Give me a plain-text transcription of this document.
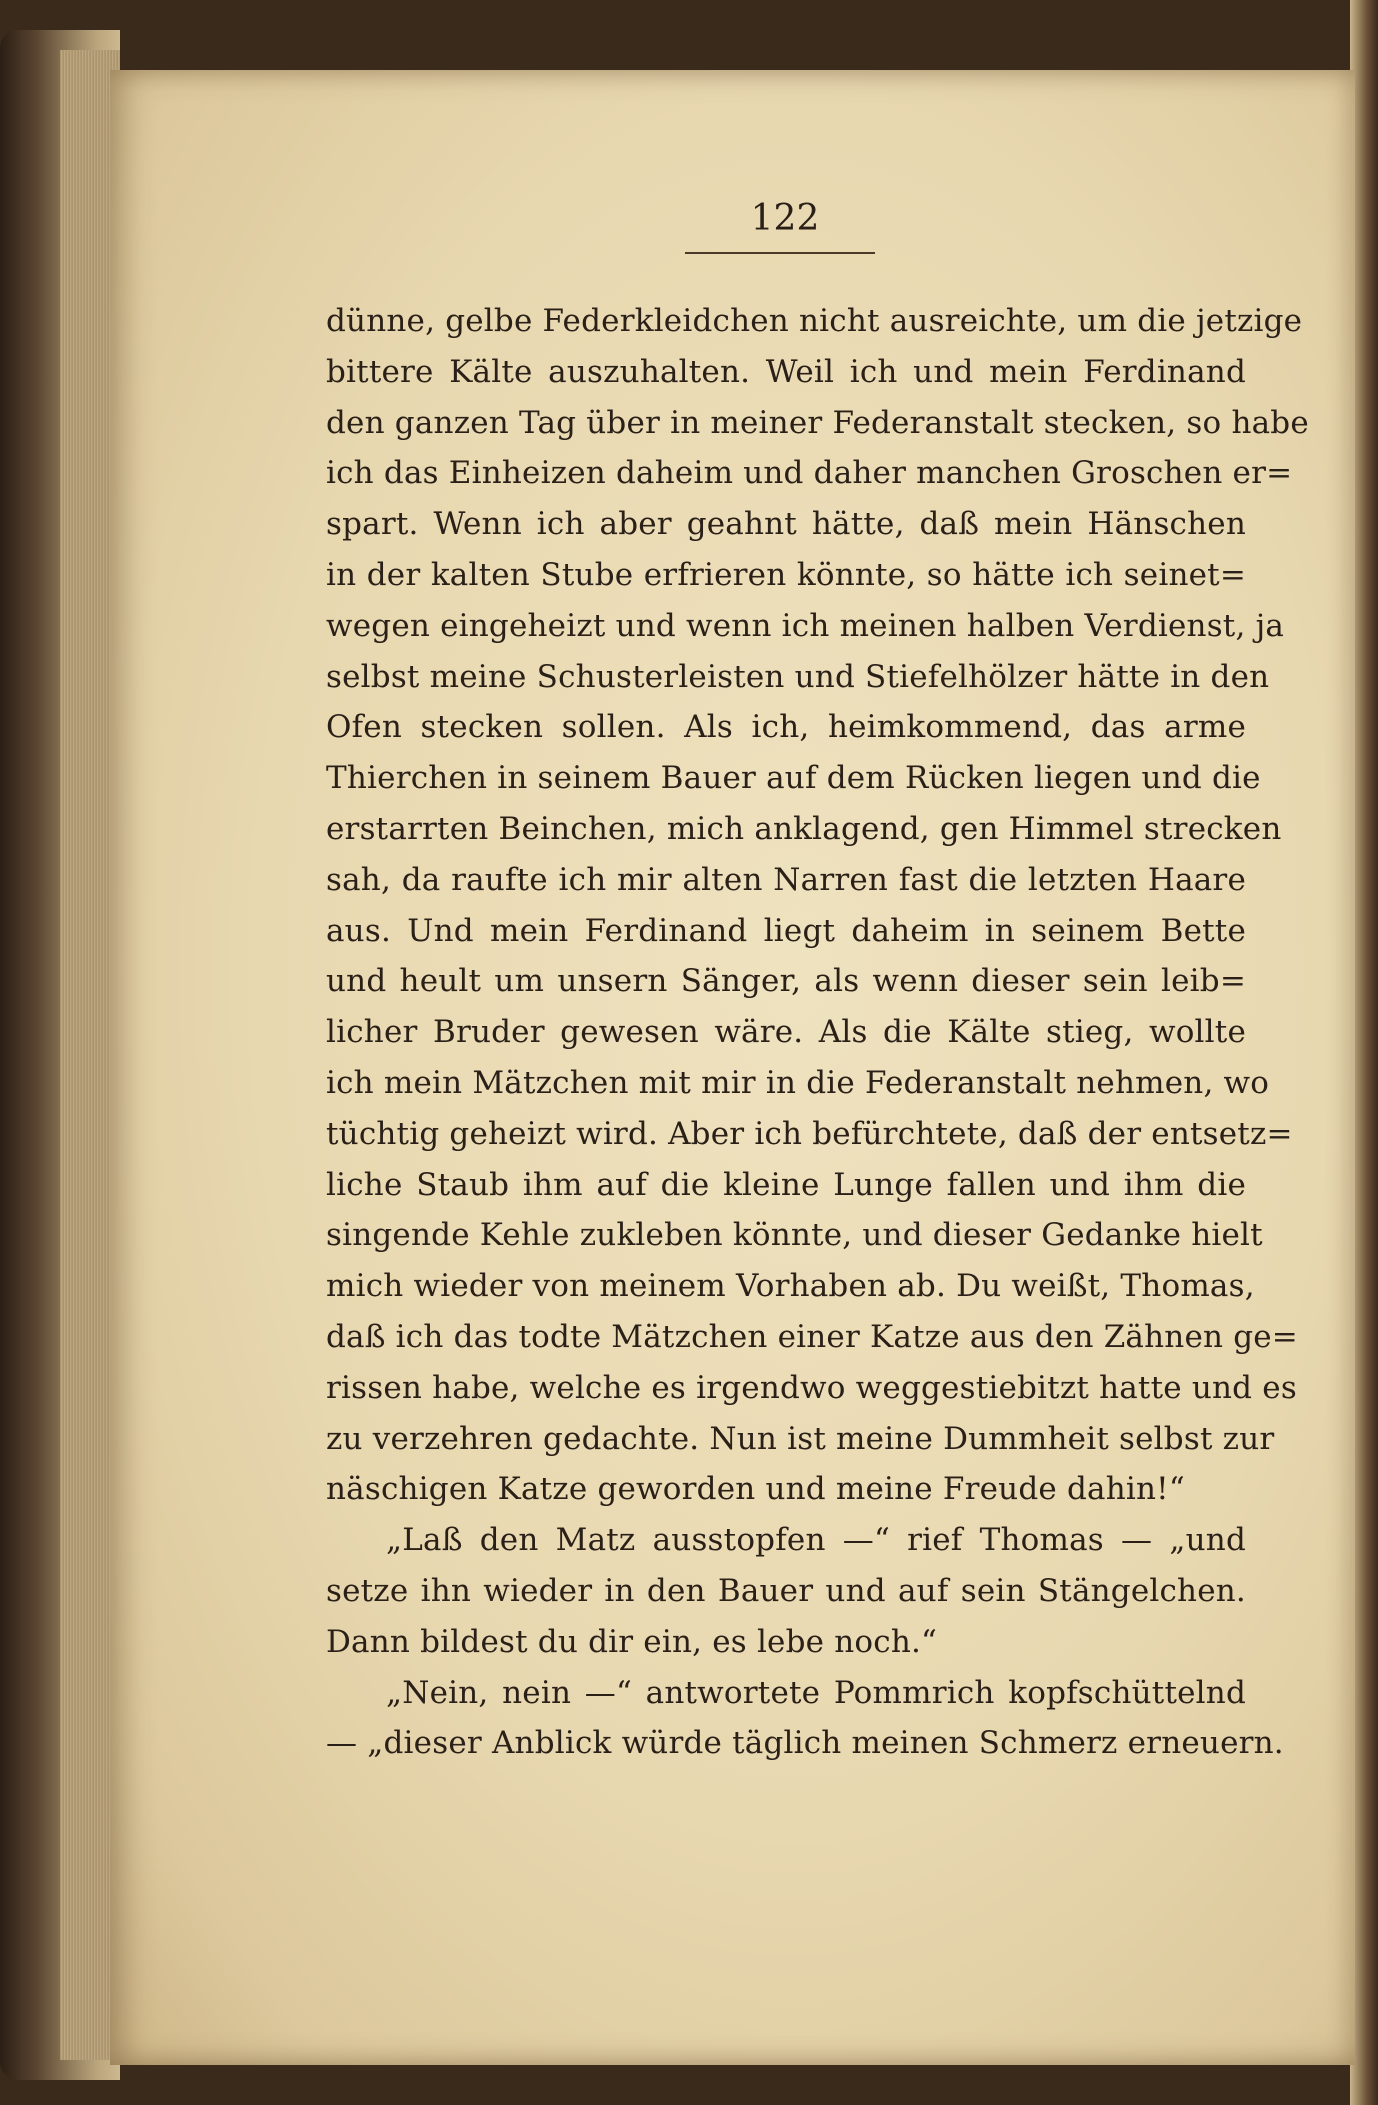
122
dünne, gelbe Federkleidchen nicht ausreichte, um die jetzige
bittere Kälte auszuhalten. Weil ich und mein Ferdinand
den ganzen Tag über in meiner Federanstalt stecken, so habe
ich das Einheizen daheim und daher manchen Groschen er=
spart. Wenn ich aber geahnt hätte, daß mein Hänschen
in der kalten Stube erfrieren könnte, so hätte ich seinet=
wegen eingeheizt und wenn ich meinen halben Verdienst, ja
selbst meine Schusterleisten und Stiefelhölzer hätte in den
Ofen stecken sollen. Als ich, heimkommend, das arme
Thierchen in seinem Bauer auf dem Rücken liegen und die
erstarrten Beinchen, mich anklagend, gen Himmel strecken
sah, da raufte ich mir alten Narren fast die letzten Haare
aus. Und mein Ferdinand liegt daheim in seinem Bette
und heult um unsern Sänger, als wenn dieser sein leib=
licher Bruder gewesen wäre. Als die Kälte stieg, wollte
ich mein Mätzchen mit mir in die Federanstalt nehmen, wo
tüchtig geheizt wird. Aber ich befürchtete, daß der entsetz=
liche Staub ihm auf die kleine Lunge fallen und ihm die
singende Kehle zukleben könnte, und dieser Gedanke hielt
mich wieder von meinem Vorhaben ab. Du weißt, Thomas,
daß ich das todte Mätzchen einer Katze aus den Zähnen ge=
rissen habe, welche es irgendwo weggestiebitzt hatte und es
zu verzehren gedachte. Nun ist meine Dummheit selbst zur
näschigen Katze geworden und meine Freude dahin!“
„Laß den Matz ausstopfen —“ rief Thomas — „und
setze ihn wieder in den Bauer und auf sein Stängelchen.
Dann bildest du dir ein, es lebe noch.“
„Nein, nein —“ antwortete Pommrich kopfschüttelnd
— „dieser Anblick würde täglich meinen Schmerz erneuern.
